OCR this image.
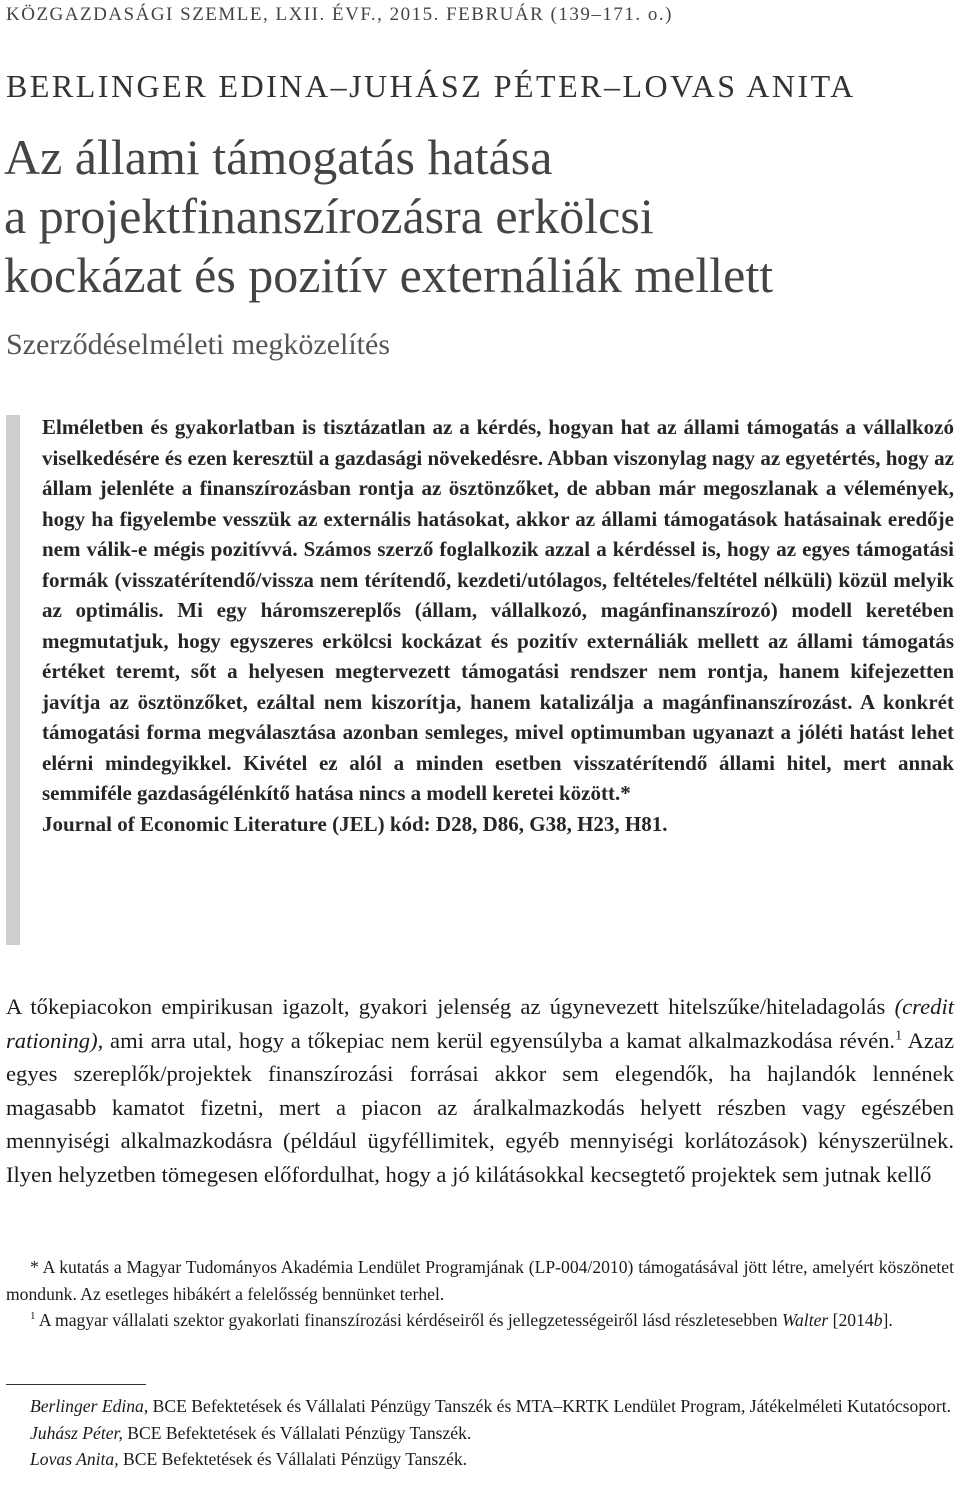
KÖZGAZDASÁGI SZEMLE, LXII. ÉVF., 2015. FEBRUÁR (139–171. o.)
BERLINGER EDINA–JUHÁSZ PÉTER–LOVAS ANITA
Az állami támogatás hatása
a projektfinanszírozásra erkölcsi
kockázat és pozitív externáliák mellett
Szerződéselméleti megközelítés

Elméletben és gyakorlatban is tisztázatlan az a kérdés, hogyan hat az állami támogatás a vállalkozó viselkedésére és ezen keresztül a gazdasági növekedésre. Abban viszonylag nagy az egyetértés, hogy az állam jelenléte a finanszírozásban rontja az ösztönzőket, de abban már megoszlanak a vélemények, hogy ha figyelembe vesszük az externális hatásokat, akkor az állami támogatások hatásainak eredője nem válik-e mégis pozitívvá. Számos szerző foglalkozik azzal a kérdéssel is, hogy az egyes támogatási formák (visszatérítendő/vissza nem térítendő, kezdeti/utólagos, feltételes/feltétel nélküli) közül melyik az optimális. Mi egy háromszereplős (állam, vállalkozó, magánfinanszírozó) modell keretében megmutatjuk, hogy egyszeres erkölcsi kockázat és pozitív externáliák mellett az állami támogatás értéket teremt, sőt a helyesen megtervezett támogatási rendszer nem rontja, hanem kifejezetten javítja az ösztönzőket, ezáltal nem kiszorítja, hanem katalizálja a magánfinanszírozást. A konkrét támogatási forma megválasztása azonban semleges, mivel optimumban ugyanazt a jóléti hatást lehet elérni mindegyikkel. Kivétel ez alól a minden esetben visszatérítendő állami hitel, mert annak semmiféle gazdaságélénkítő hatása nincs a modell keretei között.*

Journal of Economic Literature (JEL) kód: D28, D86, G38, H23, H81.

A tőkepiacokon empirikusan igazolt, gyakori jelenség az úgynevezett hitelszűke/hiteladagolás (credit rationing), ami arra utal, hogy a tőkepiac nem kerül egyensúlyba a kamat alkalmazkodása révén.$^1$ Azaz egyes szereplők/projektek finanszírozási forrásai akkor sem elegendők, ha hajlandók lennének magasabb kamatot fizetni, mert a piacon az áralkalmazkodás helyett részben vagy egészében mennyiségi alkalmazkodásra (például ügyféllimitek, egyéb mennyiségi korlátozások) kényszerülnek. Ilyen helyzetben tömegesen előfordulhat, hogy a jó kilátásokkal kecsegtető projektek sem jutnak kellő

* A kutatás a Magyar Tudományos Akadémia Lendület Programjának (LP-004/2010) támogatásával jött létre, amelyért köszönetet mondunk. Az esetleges hibákért a felelősség bennünket terhel.

$^1$ A magyar vállalati szektor gyakorlati finanszírozási kérdéseiről és jellegzetességeiről lásd részletesebben Walter [2014b].

Berlinger Edina, BCE Befektetések és Vállalati Pénzügy Tanszék és MTA–KRTK Lendület Program, Játékelméleti Kutatócsoport.

Juhász Péter, BCE Befektetések és Vállalati Pénzügy Tanszék.

Lovas Anita, BCE Befektetések és Vállalati Pénzügy Tanszék.
